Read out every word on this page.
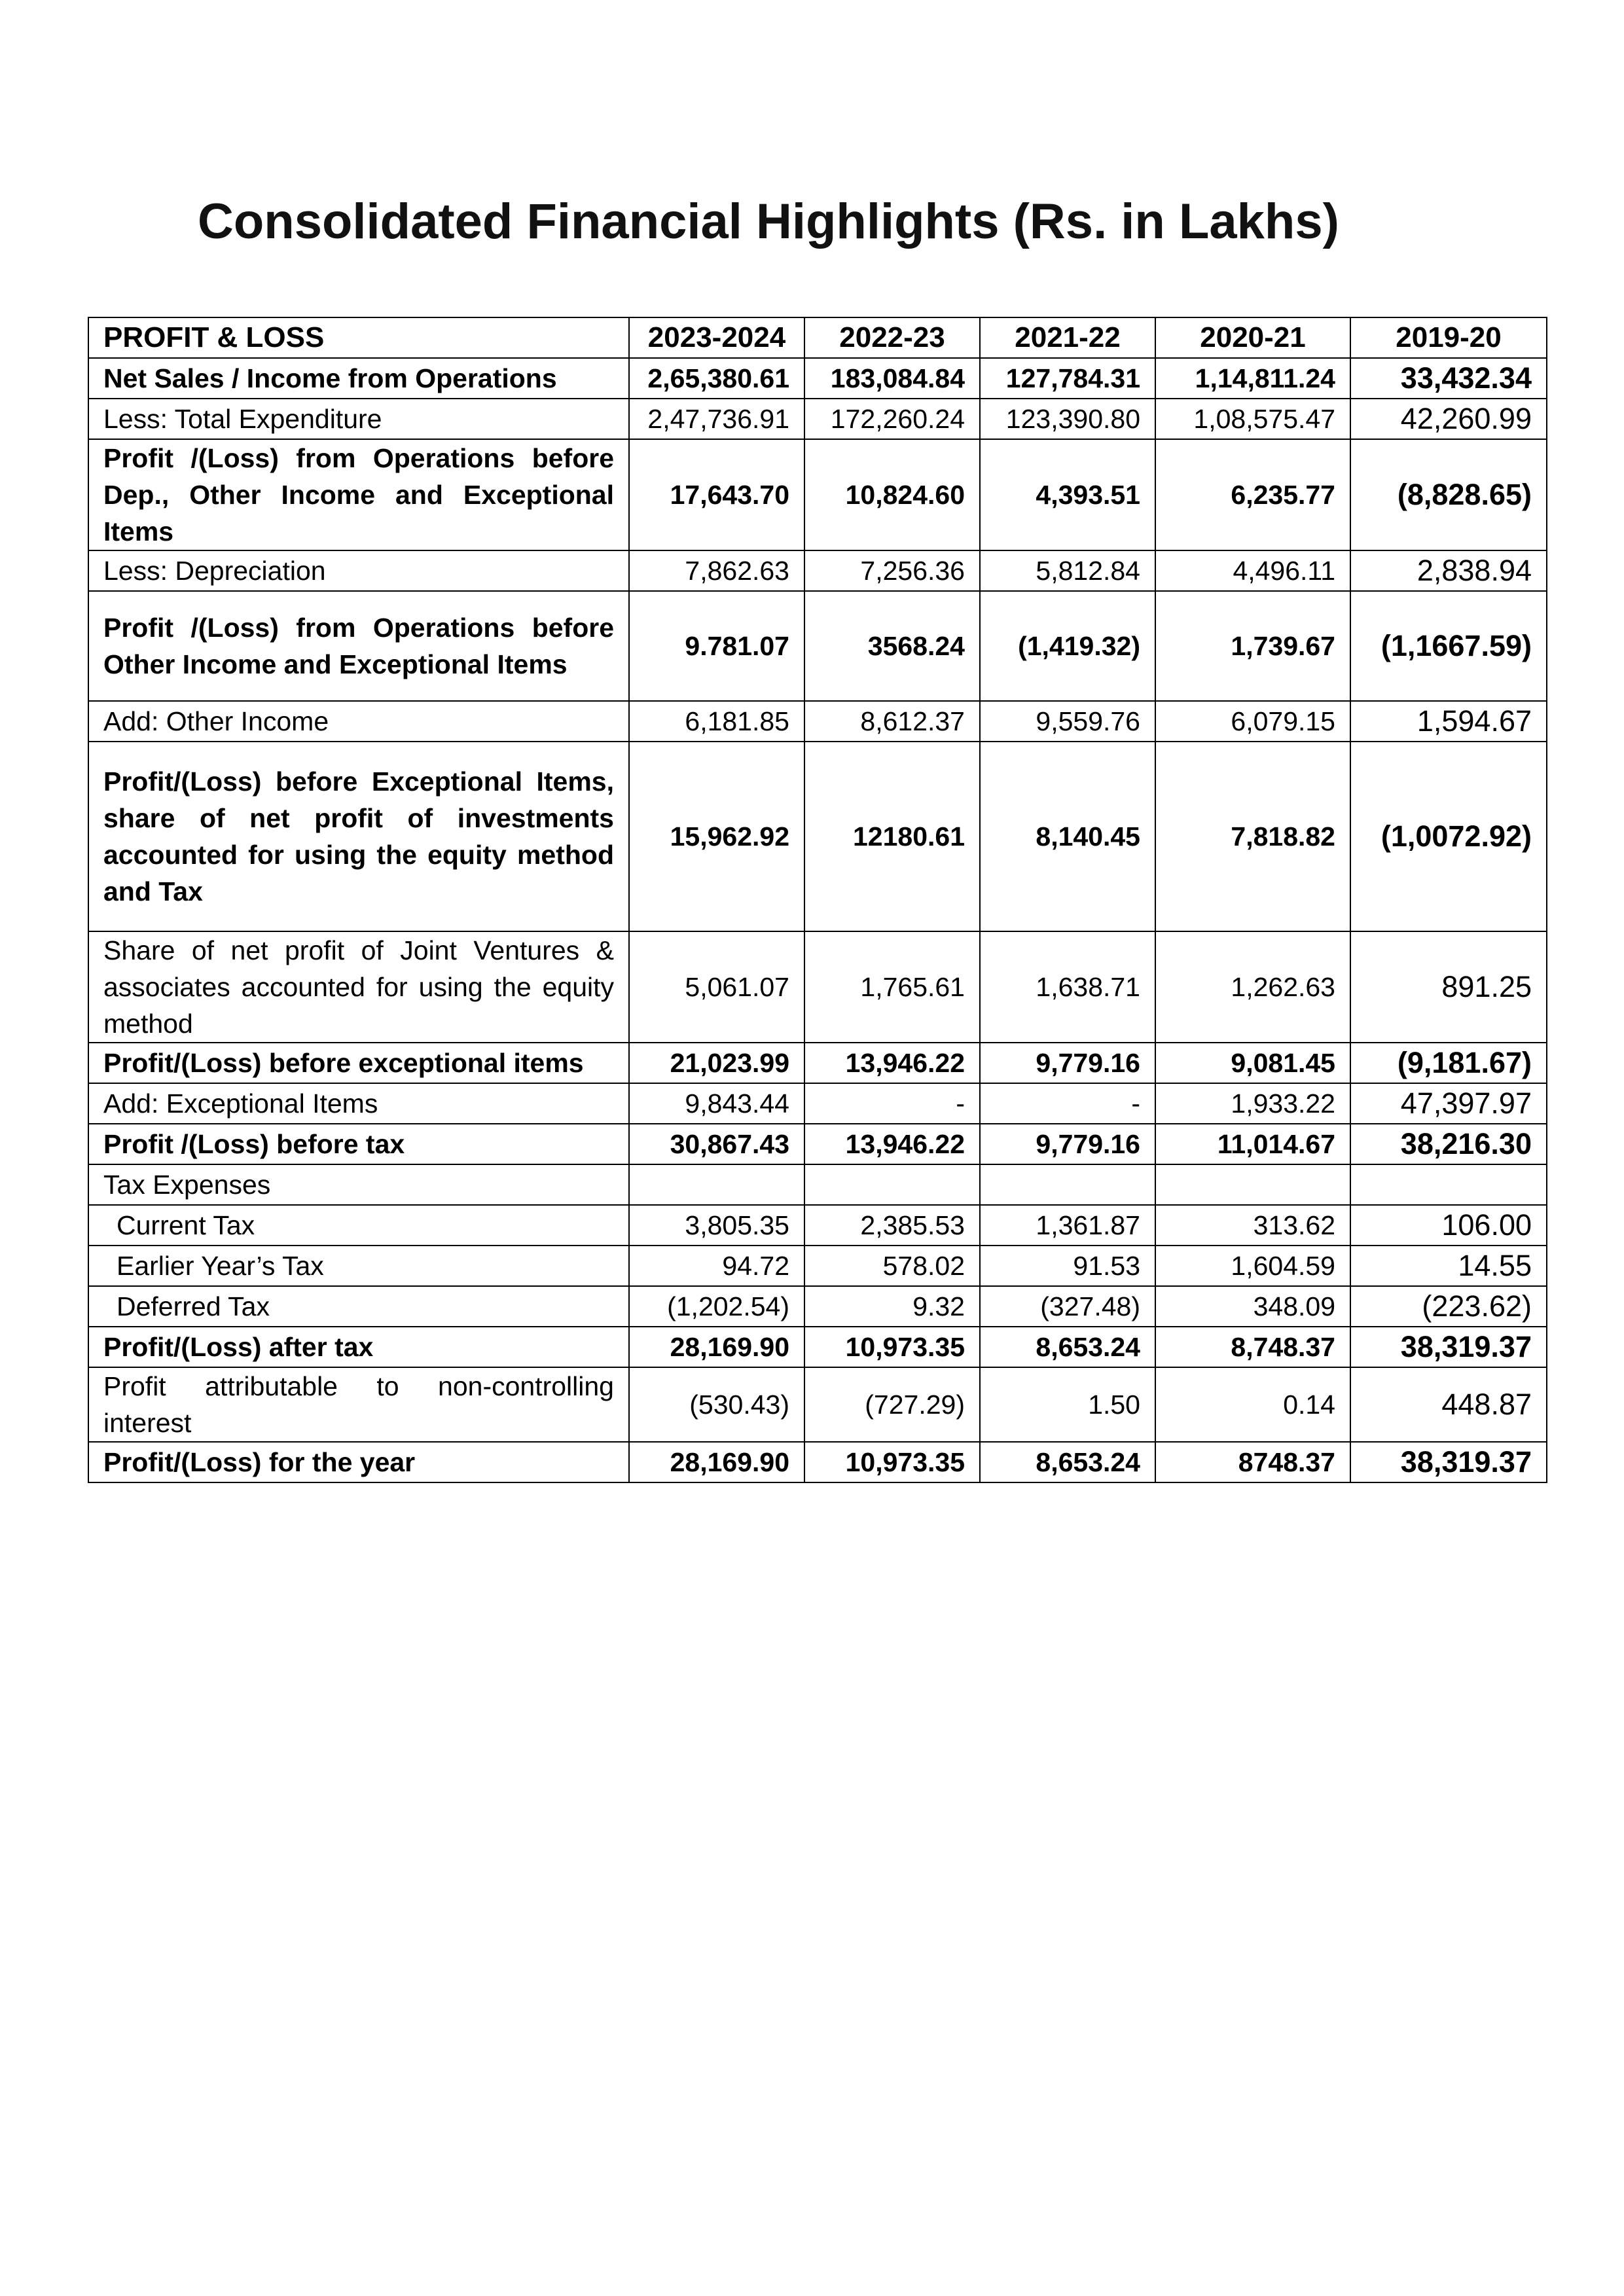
Consolidated Financial Highlights (Rs. in Lakhs)
PROFIT & LOSS	2023-2024	2022-23	2021-22	2020-21	2019-20
Net Sales / Income from Operations	2,65,380.61	183,084.84	127,784.31	1,14,811.24	33,432.34
Less: Total Expenditure	2,47,736.91	172,260.24	123,390.80	1,08,575.47	42,260.99
Profit /(Loss) from Operations before Dep., Other Income and Exceptional Items	17,643.70	10,824.60	4,393.51	6,235.77	(8,828.65)
Less: Depreciation	7,862.63	7,256.36	5,812.84	4,496.11	2,838.94
Profit /(Loss) from Operations before Other Income and Exceptional Items	9.781.07	3568.24	(1,419.32)	1,739.67	(1,1667.59)
Add: Other Income	6,181.85	8,612.37	9,559.76	6,079.15	1,594.67
Profit/(Loss) before Exceptional Items, share of net profit of investments accounted for using the equity method and Tax	15,962.92	12180.61	8,140.45	7,818.82	(1,0072.92)
Share of net profit of Joint Ventures & associates accounted for using the equity method	5,061.07	1,765.61	1,638.71	1,262.63	891.25
Profit/(Loss) before exceptional items	21,023.99	13,946.22	9,779.16	9,081.45	(9,181.67)
Add: Exceptional Items	9,843.44	-	-	1,933.22	47,397.97
Profit /(Loss) before tax	30,867.43	13,946.22	9,779.16	11,014.67	38,216.30
Tax Expenses					
Current Tax	3,805.35	2,385.53	1,361.87	313.62	106.00
Earlier Year’s Tax	94.72	578.02	91.53	1,604.59	14.55
Deferred Tax	(1,202.54)	9.32	(327.48)	348.09	(223.62)
Profit/(Loss) after tax	28,169.90	10,973.35	8,653.24	8,748.37	38,319.37
Profit attributable to non-controlling interest	(530.43)	(727.29)	1.50	0.14	448.87
Profit/(Loss) for the year	28,169.90	10,973.35	8,653.24	8748.37	38,319.37
